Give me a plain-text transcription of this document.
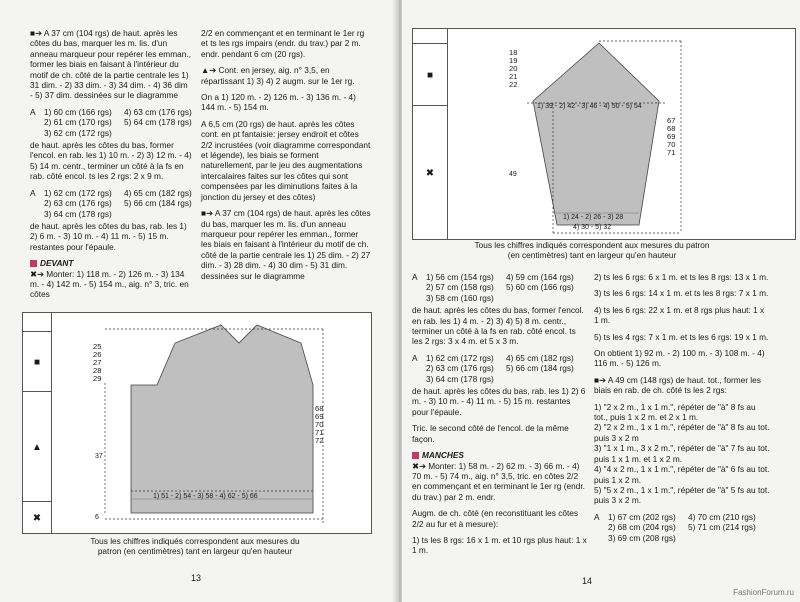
■➔ A 37 cm (104 rgs) de haut. après les côtes du bas, marquer les m. lis. d'un anneau marqueur pour repérer les emman., former les biais en faisant à l'intérieur du motif de ch. côté de la partie centrale les 1) 31 dim. - 2) 33 dim. - 3) 34 dim. - 4) 36 dim - 5) 37 dim. dessinées sur le diagramme

A	1) 60 cm (166 rgs)	4) 63 cm (176 rgs)
2) 61 cm (170 rgs)	5) 64 cm (178 rgs)
3) 62 cm (172 rgs)

de haut. après les côtes du bas, former l'encol. en rab. les 1) 10 m. - 2) 3) 12 m. - 4) 5) 14 m. centr., terminer un côté à la fs en rab. côté encol. ts les 2 rgs: 2 x 9 m.

A	1) 62 cm (172 rgs)	4) 65 cm (182 rgs)
2) 63 cm (176 rgs)	5) 66 cm (184 rgs)
3) 64 cm (178 rgs)

de haut. après les côtes du bas, rab. les 1) 2) 6 m. - 3) 10 m. - 4) 11 m. - 5) 15 m. restantes pour l'épaule.

DEVANT

✖➔ Monter: 1) 118 m. - 2) 126 m. - 3) 134 m. - 4) 142 m. - 5) 154 m., aig. n° 3, tric. en côtes

2/2 en commençant et en terminant le 1er rg et ts les rgs impairs (endr. du trav.) par 2 m. endr. pendant 6 cm (20 rgs).

▲➔ Cont. en jersey, aig. n° 3,5, en répartissant 1) 3) 4) 2 augm. sur le 1er rg.

On a 1) 120 m. - 2) 126 m. - 3) 136 m. - 4) 144 m. - 5) 154 m.

A 6,5 cm (20 rgs) de haut. après les côtes cont. en pt fantaisie: jersey endroit et côtes 2/2 incrustées (voir diagramme correspondant et légende), les biais se forment naturellement, par le jeu des augmentations intercalaires faites sur les côtes qui sont compensées par les diminutions faites à la jonction du jersey et des côtes)

■➔ A 37 cm (104 rgs) de haut. après les côtes du bas, marquer les m. lis. d'un anneau marqueur pour repérer les emman., former les biais en faisant à l'intérieur du motif de ch. côté de la partie centrale les 1) 25 dim. - 2) 27 dim. - 3) 28 dim. - 4) 30 dim - 5) 31 dim. dessinées sur le diagramme

■
▲
✖
25
26
27
28
29
68
69
70
71
72
37
6
1) 51 - 2) 54 - 3) 58 - 4) 62 - 5) 66
Tous les chiffres indiqués correspondent aux mesures du patron (en centimètres) tant en largeur qu'en hauteur
13
■
✖
18
19
20
21
22
1) 39 - 2) 42 - 3) 46 - 4) 50 - 5) 54
67
68
69
70
71
49
1) 24 - 2) 26 - 3) 28
4) 30 - 5) 32
Tous les chiffres indiqués correspondent aux mesures du patron (en centimètres) tant en largeur qu'en hauteur
A	1) 56 cm (154 rgs)	4) 59 cm (164 rgs)
2) 57 cm (158 rgs)	5) 60 cm (166 rgs)
3) 58 cm (160 rgs)

de haut. après les côtes du bas, former l'encol. en rab. les 1) 4 m. - 2) 3) 4) 5) 8 m. centr., terminer un côté à la fs en rab. côté encol. ts les 2 rgs: 3 x 4 m. et 5 x 3 m.

A	1) 62 cm (172 rgs)	4) 65 cm (182 rgs)
2) 63 cm (176 rgs)	5) 66 cm (184 rgs)
3) 64 cm (178 rgs)

de haut. après les côtes du bas, rab. les 1) 2) 6 m. - 3) 10 m. - 4) 11 m. - 5) 15 m. restantes pour l'épaule.

Tric. le second côté de l'encol. de la même façon.

MANCHES

✖➔ Monter: 1) 58 m. - 2) 62 m. - 3) 66 m. - 4) 70 m. - 5) 74 m., aig. n° 3,5, tric. en côtes 2/2 en commençant et en terminant le 1er rg (endr. du trav.) par 2 m. endr.

Augm. de ch. côté (en reconstituant les côtes 2/2 au fur et à mesure):

1) ts les 8 rgs: 16 x 1 m. et 10 rgs plus haut: 1 x 1 m.

2) ts les 6 rgs: 6 x 1 m. et ts les 8 rgs: 13 x 1 m.

3) ts les 6 rgs: 14 x 1 m. et ts les 8 rgs: 7 x 1 m.

4) ts les 6 rgs: 22 x 1 m. et 8 rgs plus haut: 1 x 1 m.

5) ts les 4 rgs: 7 x 1 m. et ts les 6 rgs: 19 x 1 m.

On obtient 1) 92 m. - 2) 100 m. - 3) 108 m. - 4) 116 m. - 5) 126 m.

■➔ A 49 cm (148 rgs) de haut. tot., former les biais en rab. de ch. côté ts les 2 rgs:

1) "2 x 2 m., 1 x 1 m.", répéter de "à" 8 fs au tot., puis 1 x 2 m. et 2 x 1 m.

2) "2 x 2 m., 1 x 1 m.", répéter de "à" 8 fs au tot. puis 3 x 2 m

3) "1 x 1 m., 3 x 2 m.", répéter de "à" 7 fs au tot. puis 1 x 1 m. et 1 x 2 m.

4) "4 x 2 m., 1 x 1 m.", répéter de "à" 6 fs au tot. puis 1 x 2 m.

5) "5 x 2 m., 1 x 1 m.", répéter de "à" 5 fs au tot. puis 3 x 2 m.

A	1) 67 cm (202 rgs)	4) 70 cm (210 rgs)
2) 68 cm (204 rgs)	5) 71 cm (214 rgs)
3) 69 cm (208 rgs)
14
FashionForum.ru
